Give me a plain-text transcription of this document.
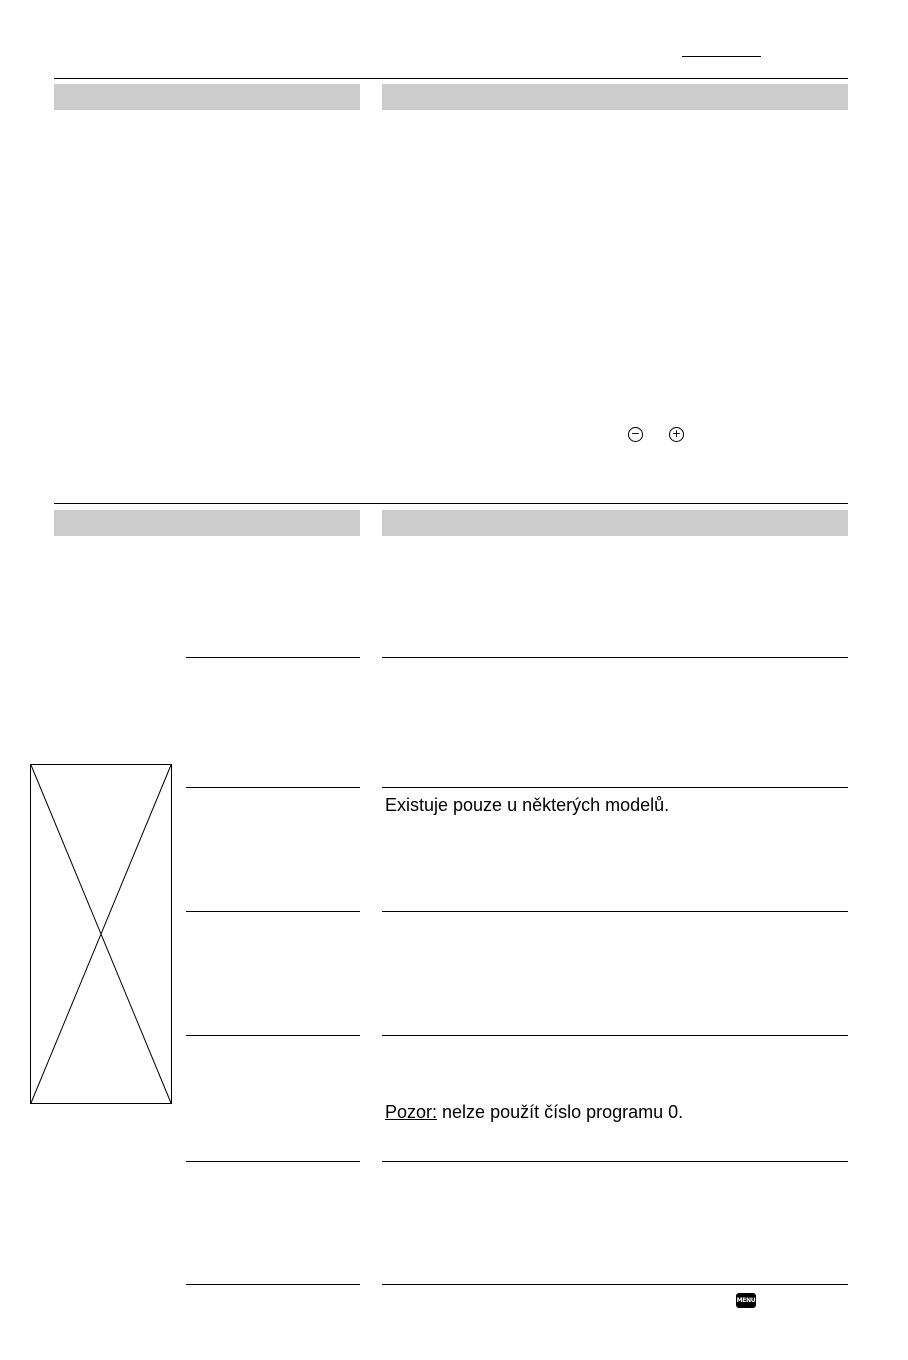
−	+
Existuje pouze u některých modelů.
Pozor: nelze použít číslo programu 0.
MENU
